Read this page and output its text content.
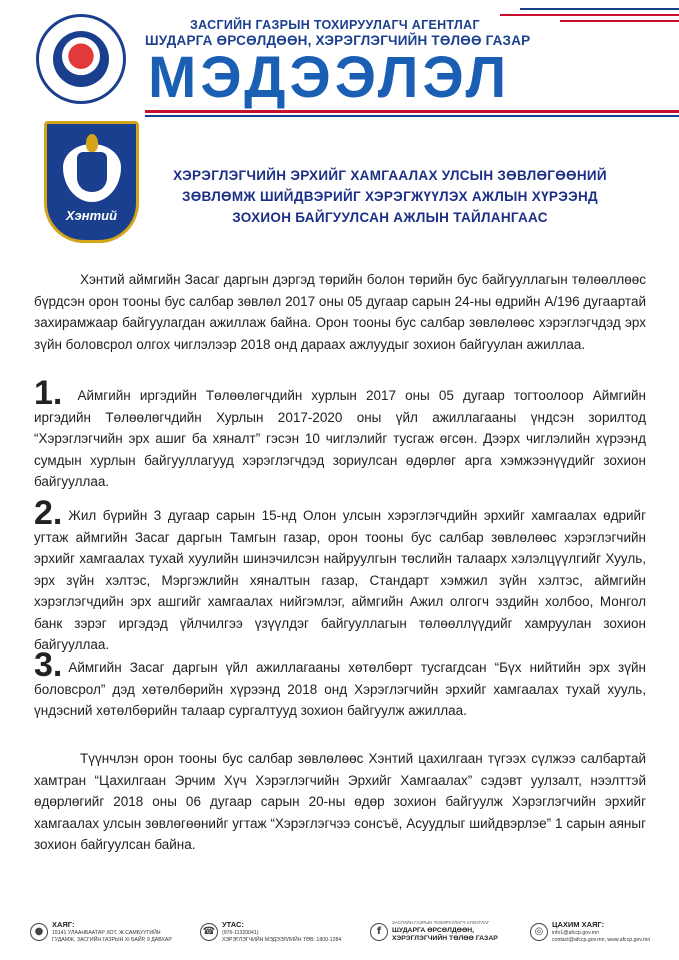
ЗАСГИЙН ГАЗРЫН ТОХИРУУЛАГЧ АГЕНТЛАГ
ШУДАРГА ӨРСӨЛДӨӨН, ХЭРЭГЛЭГЧИЙН ТӨЛӨӨ ГАЗАР
МЭДЭЭЛЭЛ
Хэнтий
ХЭРЭГЛЭГЧИЙН ЭРХИЙГ ХАМГААЛАХ УЛСЫН ЗӨВЛӨГӨӨНИЙ
ЗӨВЛӨМЖ ШИЙДВЭРИЙГ ХЭРЭГЖҮҮЛЭХ АЖЛЫН ХҮРЭЭНД
ЗОХИОН БАЙГУУЛСАН АЖЛЫН ТАЙЛАНГААС
Хэнтий аймгийн Засаг даргын дэргэд төрийн болон төрийн бус байгууллагын төлөөллөөс бүрдсэн орон тооны бус салбар зөвлөл 2017 оны 05 дугаар сарын 24-ны өдрийн А/196 дугаартай захирамжаар байгуулагдан ажиллаж байна. Орон тооны бус салбар зөвлөлөөс хэрэглэгчдэд эрх зүйн боловсрол олгох чиглэлээр 2018 онд дараах ажлуудыг зохион байгуулан ажиллаа.
1. Аймгийн иргэдийн Төлөөлөгчдийн хурлын 2017 оны 05 дугаар тогтоолоор Аймгийн иргэдийн Төлөөлөгчдийн Хурлын 2017-2020 оны үйл ажиллагааны үндсэн зорилтод “Хэрэглэгчийн эрх ашиг ба хяналт” гэсэн 10 чиглэлийг тусгаж өгсөн. Дээрх чиглэлийн хүрээнд сумдын хурлын байгууллагууд хэрэглэгчдэд зориулсан өдөрлөг арга хэмжээнүүдийг зохион байгууллаа.
2. Жил бүрийн 3 дугаар сарын 15-нд Олон улсын хэрэглэгчдийн эрхийг хамгаалах өдрийг угтаж аймгийн Засаг даргын Тамгын газар, орон тооны бус салбар зөвлөлөөс хэрэглэгчийн эрхийг хамгаалах тухай хуулийн шинэчилсэн найруулгын төслийн талаарх хэлэлцүүлгийг Хууль, эрх зүйн хэлтэс, Мэргэжлийн хяналтын газар, Стандарт хэмжил зүйн хэлтэс, аймгийн хэрэглэгчдийн эрх ашгийг хамгаалах нийгэмлэг, аймгийн Ажил олгогч эздийн холбоо, Монгол банк зэрэг иргэдэд үйлчилгээ үзүүлдэг байгууллагын төлөөллүүдийг хамруулан зохион байгууллаа.
3. Аймгийн Засаг даргын үйл ажиллагааны хөтөлбөрт тусгагдсан “Бүх нийтийн эрх зүйн боловсрол” дэд хөтөлбөрийн хүрээнд 2018 онд Хэрэглэгчийн эрхийг хамгаалах тухай хууль, үндэсний хөтөлбөрийн талаар сургалтууд зохион байгуулж ажиллаа.
Түүнчлэн орон тооны бус салбар зөвлөлөөс Хэнтий цахилгаан түгээх сүлжээ салбартай хамтран “Цахилгаан Эрчим Хүч Хэрэглэгчийн Эрхийг Хамгаалах” сэдэвт уулзалт, нээлттэй өдөрлөгийг 2018 оны 06 дугаар сарын 20-ны өдөр зохион байгуулж Хэрэглэгчийн эрхийг хамгаалах улсын зөвлөгөөнийг угтаж “Хэрэглэгчээ сонсъё, Асуудлыг шийдвэрлэе” 1 сарын аяныг зохион байгуулсан байна.
●
ХАЯГ:
15141 УЛААНБААТАР ХОТ, Ж.САМБУУГИЙН
ГУДАМЖ, ЗАСГИЙН ГАЗРЫН XI БАЙР, 9 ДАВХАР
☎
УТАС:
(976-11320041)
ХЭРЭГЛЭГЧИЙН МЭДЭЭЛЛИЙН ТӨВ: 1800-1284
f
ЗАСГИЙН ГАЗРЫН ТОХИРУУЛАГЧ АГЕНТЛАГ
ШУДАРГА ӨРСӨЛДӨӨН,
ХЭРЭГЛЭГЧИЙН ТӨЛӨӨ ГАЗАР
◎
ЦАХИМ ХАЯГ:
info1@afccp.gov.mn
contact@afccp.gov.mn, www.afccp.gov.mn
